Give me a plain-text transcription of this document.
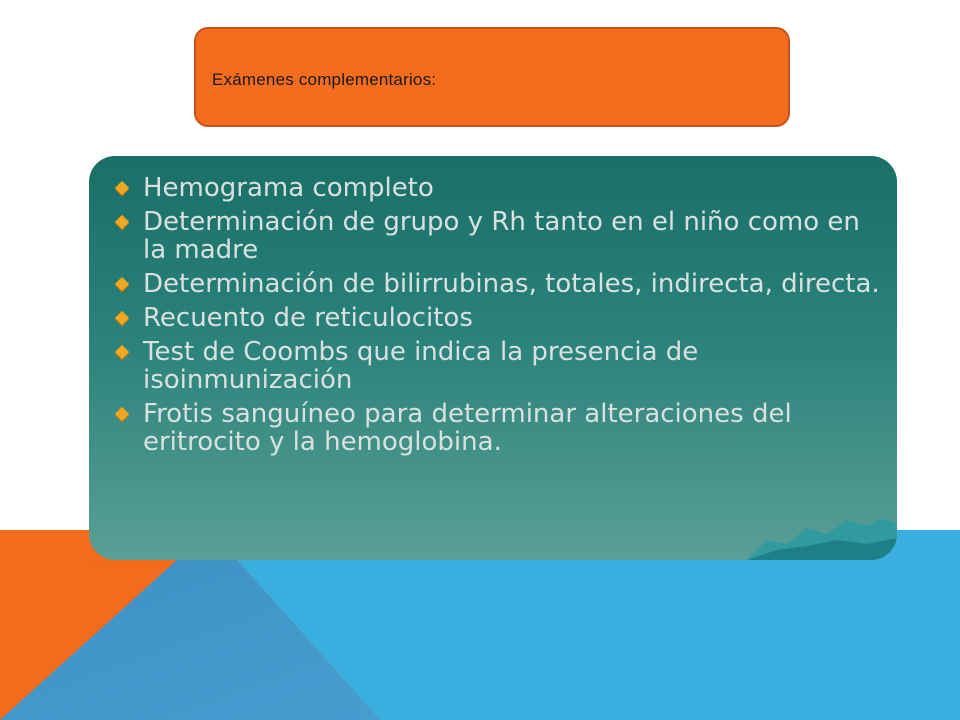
Exámenes complementarios:
Hemograma completo
Determinación de grupo y Rh tanto en el niño como en la madre
Determinación de bilirrubinas, totales, indirecta, directa.
Recuento de reticulocitos
Test de Coombs que indica la presencia de isoinmunización
Frotis sanguíneo para determinar alteraciones del eritrocito y la hemoglobina.
